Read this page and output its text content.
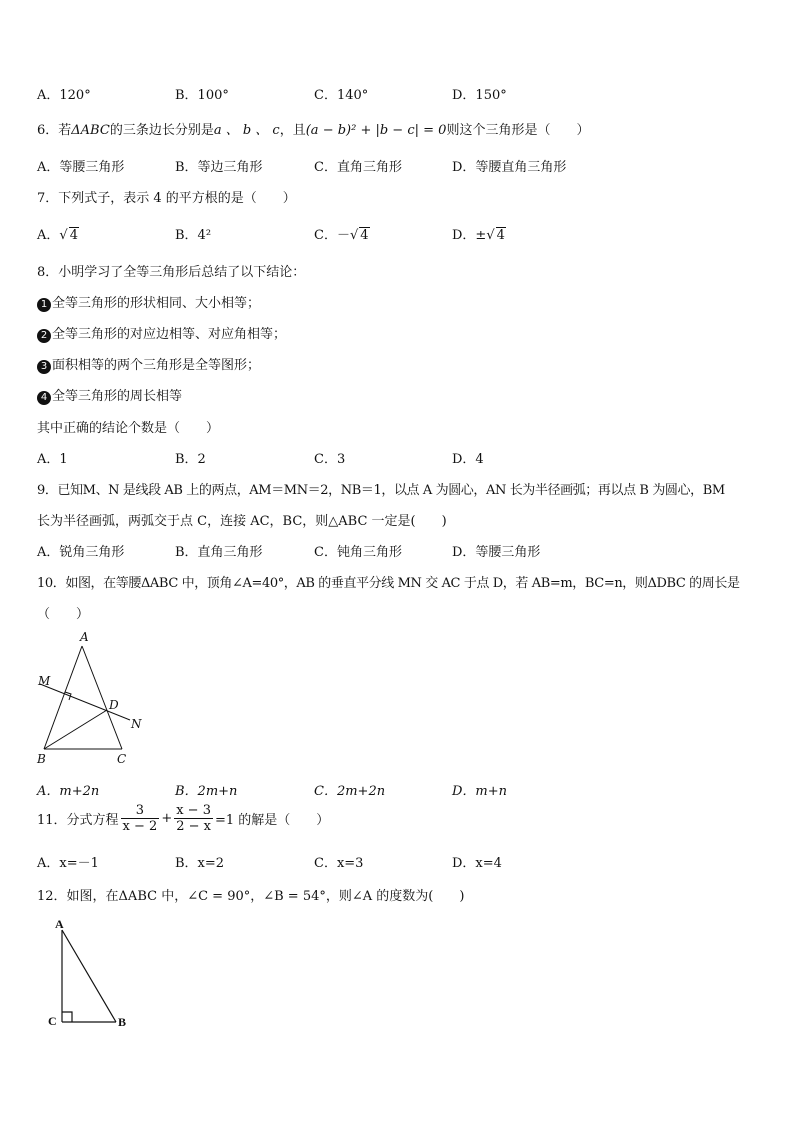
A．120°	B．100°	C．140°	D．150°
6．若ΔABC的三条边长分别是a 、 b 、 c，且(a − b)² + |b − c| = 0则这个三角形是（　　）
A．等腰三角形	B．等边三角形	C．直角三角形	D．等腰直角三角形
7．下列式子，表示 4 的平方根的是（　　）
A．√ 4	B．4²	C．－√ 4	D．±√ 4
8．小明学习了全等三角形后总结了以下结论：
1 全等三角形的形状相同、大小相等；
2 全等三角形的对应边相等、对应角相等；
3 面积相等的两个三角形是全等图形；
4 全等三角形的周长相等
其中正确的结论个数是（　　）
A．1	B．2	C．3	D．4
9．已知M、N 是线段 AB 上的两点，AM＝MN＝2，NB＝1，以点 A 为圆心，AN 长为半径画弧；再以点 B 为圆心，BM
长为半径画弧，两弧交于点 C，连接 AC，BC，则△ABC 一定是(　　)
A．锐角三角形	B．直角三角形	C．钝角三角形	D．等腰三角形
10．如图，在等腰ΔABC 中，顶角∠A=40°，AB 的垂直平分线 MN 交 AC 于点 D，若 AB=m，BC=n，则ΔDBC 的周长是
（　　）
A
M
D
N
B	C
A．m+2n	B．2m+n	C．2m+2n	D．m+n
11．分式方程 $\frac{3}{x - 2} + \frac{x - 3}{2 - x} =1$ 的解是（　　）
A．x=－1	B．x=2	C．x=3	D．x=4
12．如图，在ΔABC 中，∠C = 90°，∠B = 54°，则∠A 的度数为(　　)
A
C	B
